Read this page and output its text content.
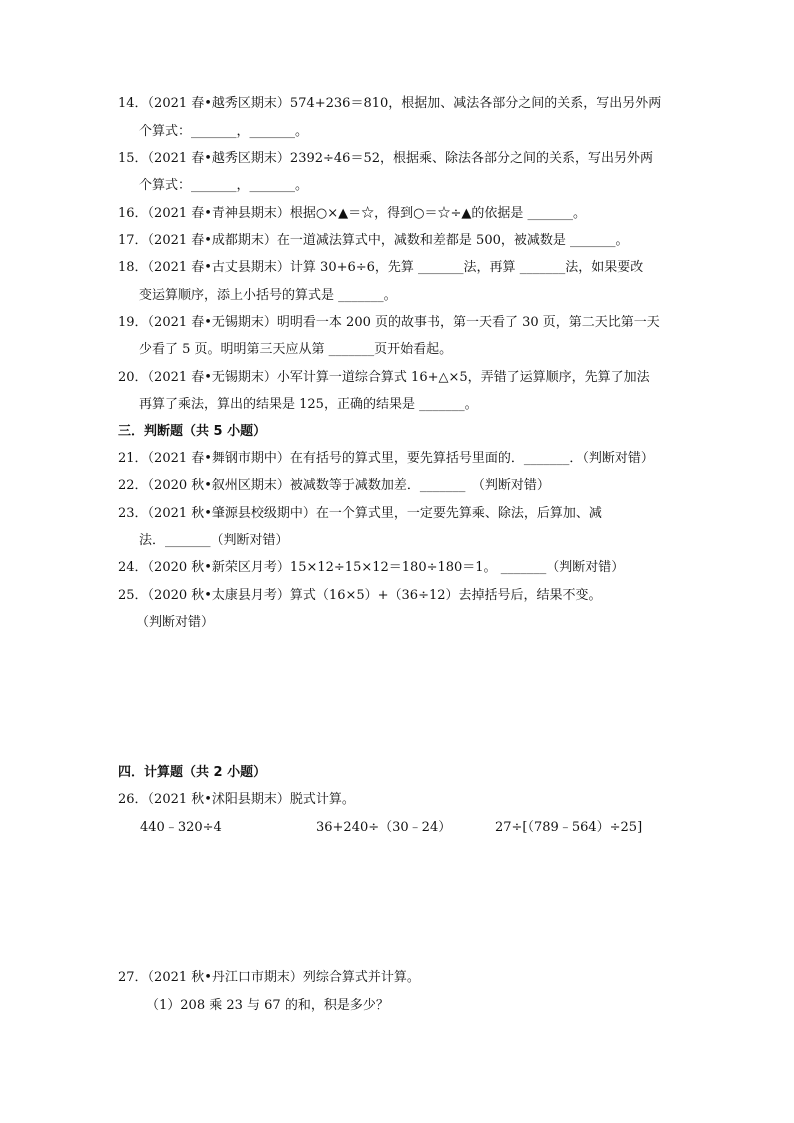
14．（2021 春•越秀区期末）574+236＝810，根据加、减法各部分之间的关系，写出另外两
个算式：_______，_______。
15．（2021 春•越秀区期末）2392÷46＝52，根据乘、除法各部分之间的关系，写出另外两
个算式：_______，_______。
16．（2021 春•青神县期末）根据○×▲＝☆，得到○＝☆÷▲的依据是 _______。
17．（2021 春•成都期末）在一道减法算式中，减数和差都是 500，被减数是 _______。
18．（2021 春•古丈县期末）计算 30+6÷6，先算 _______法，再算 _______法，如果要改
变运算顺序，添上小括号的算式是 _______。
19．（2021 春•无锡期末）明明看一本 200 页的故事书，第一天看了 30 页，第二天比第一天
少看了 5 页。明明第三天应从第 _______页开始看起。
20．（2021 春•无锡期末）小军计算一道综合算式 16+△×5，弄错了运算顺序，先算了加法
再算了乘法，算出的结果是 125，正确的结果是 _______。
三．判断题（共 5 小题）
21．（2021 春•舞钢市期中）在有括号的算式里，要先算括号里面的．_______．（判断对错）
22．（2020 秋•叙州区期末）被减数等于减数加差．_______　（判断对错）
23．（2021 秋•肇源县校级期中）在一个算式里，一定要先算乘、除法，后算加、减
法．_______（判断对错）
24．（2020 秋•新荣区月考）15×12÷15×12＝180÷180＝1。 _______（判断对错）
25．（2020 秋•太康县月考）算式（16×5）+（36÷12）去掉括号后，结果不变。
（判断对错）
四．计算题（共 2 小题）
26．（2021 秋•沭阳县期末）脱式计算。
440﹣320÷4	36+240÷（30﹣24）	27÷[（789﹣564）÷25]
27．（2021 秋•丹江口市期末）列综合算式并计算。
（1）208 乘 23 与 67 的和，积是多少？
